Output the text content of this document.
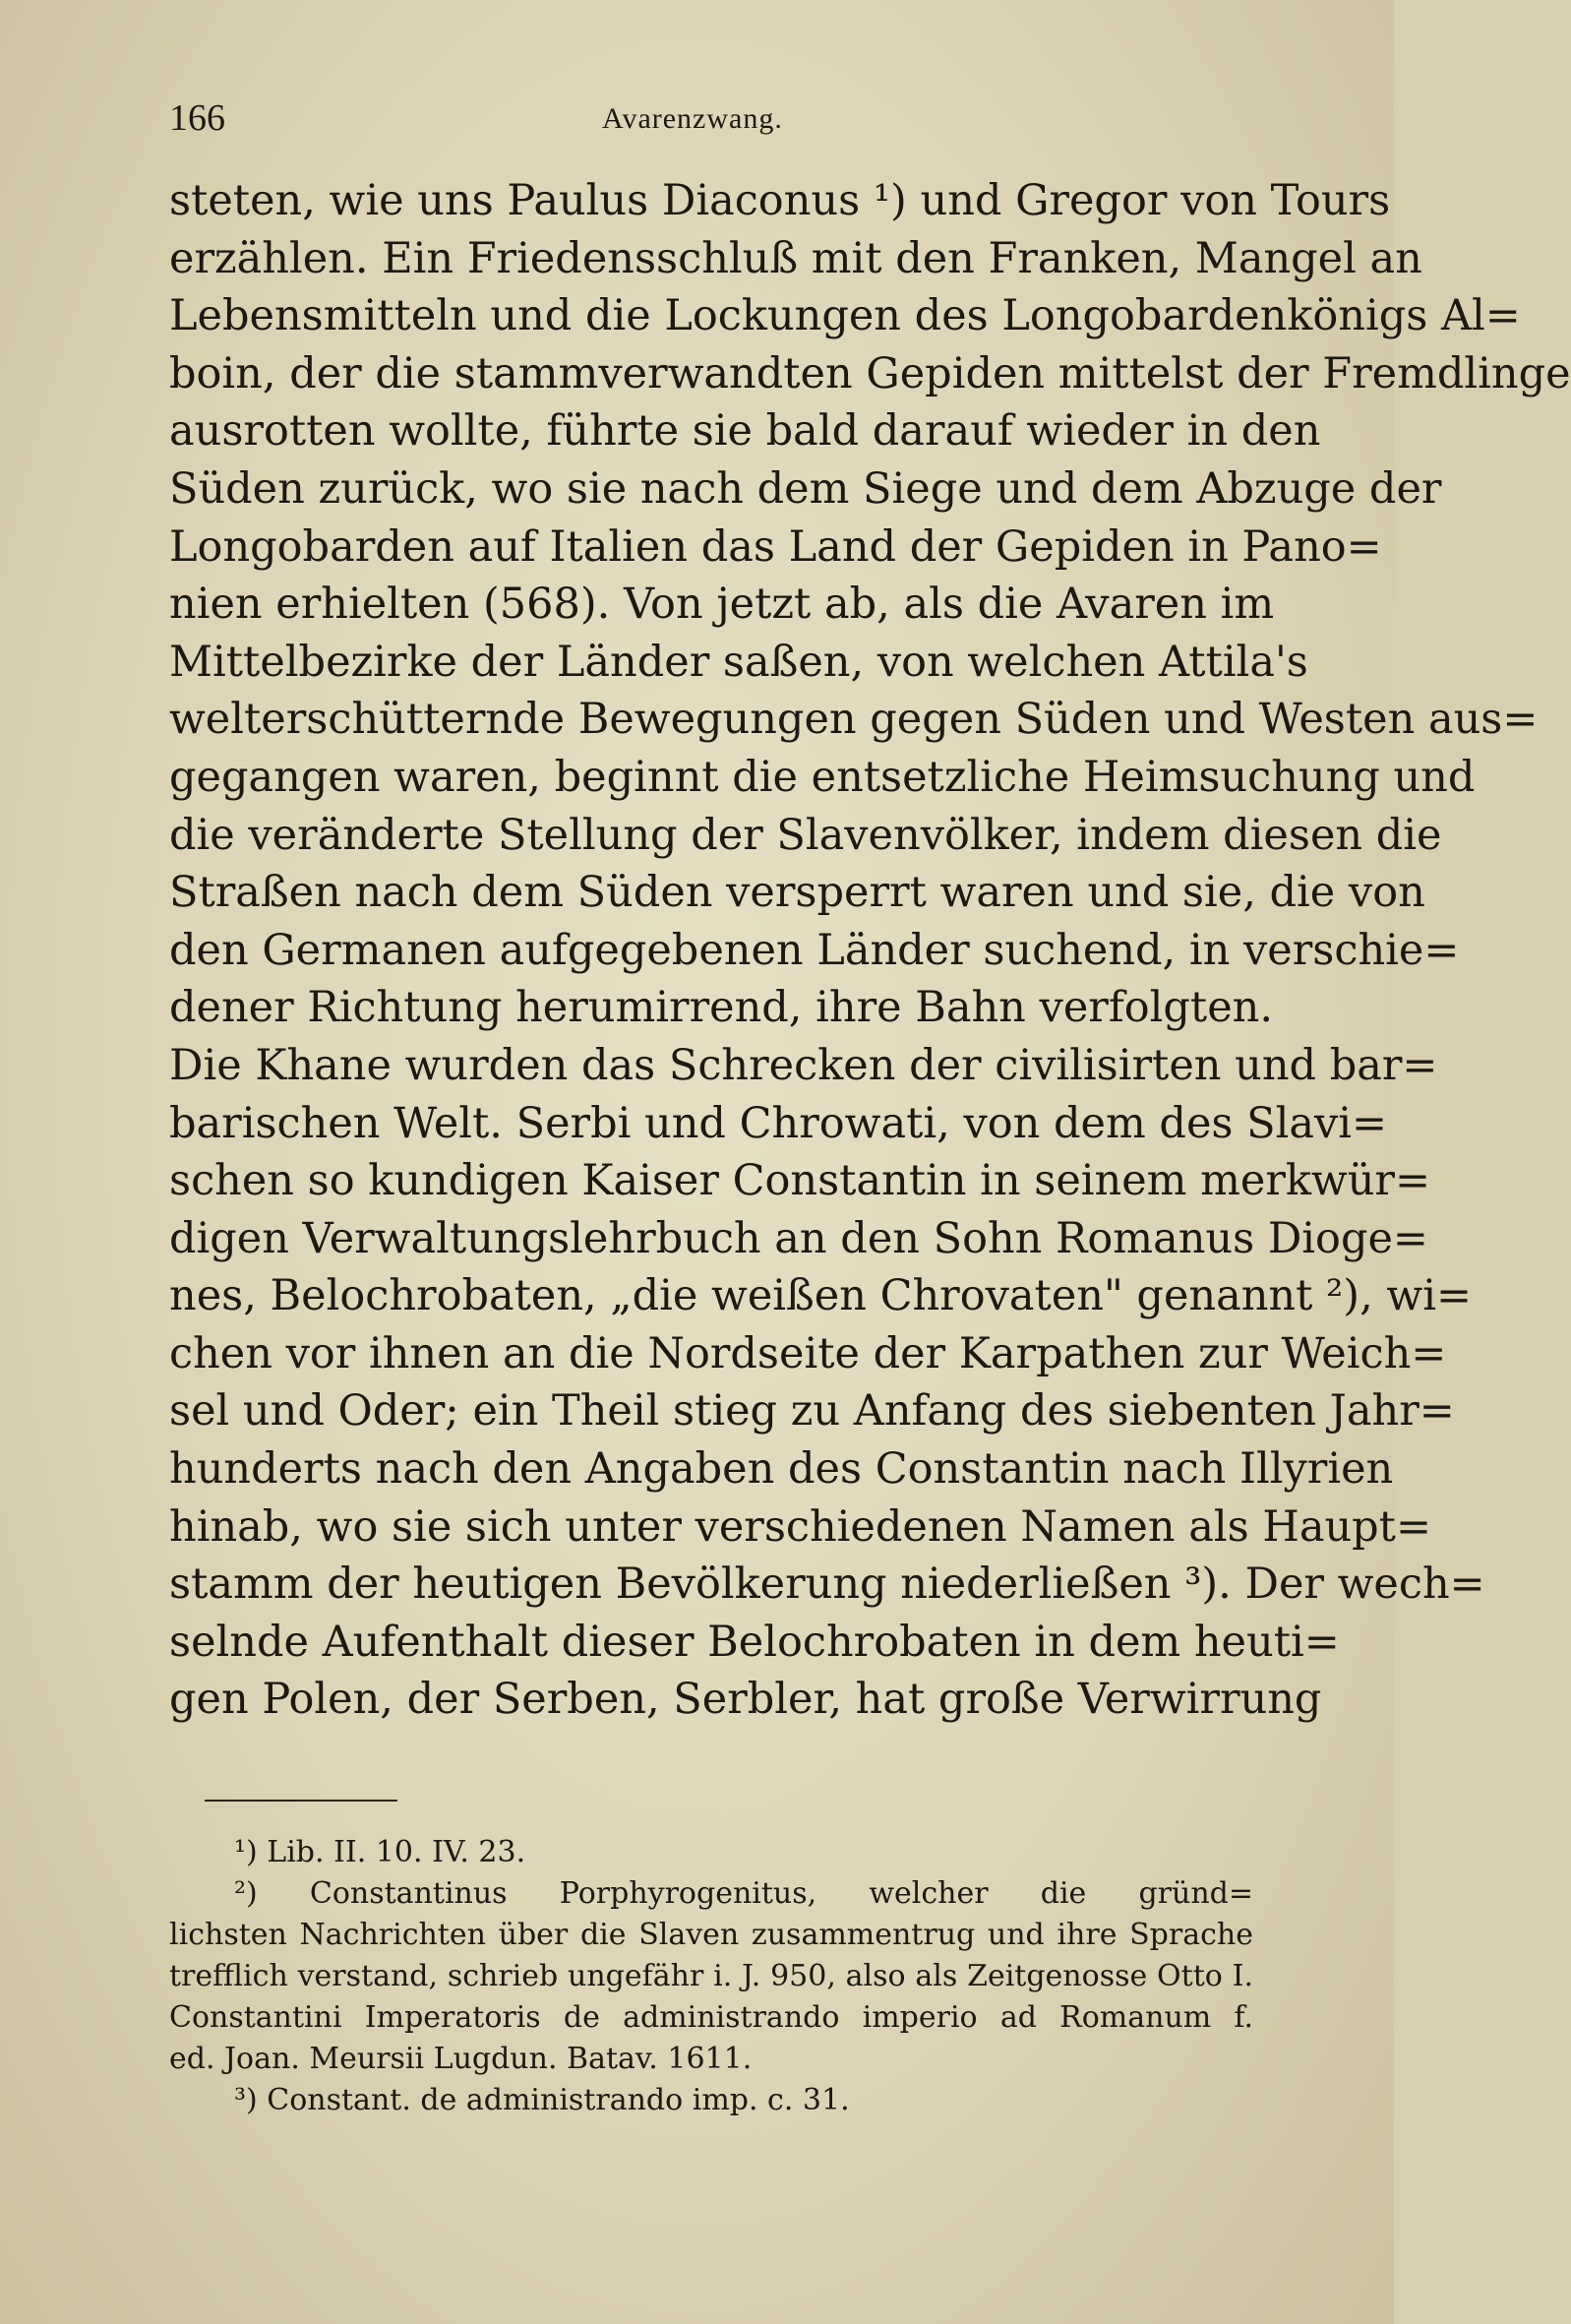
166	Avarenzwang.
steten, wie uns Paulus Diaconus ¹) und Gregor von Tours
erzählen. Ein Friedensschluß mit den Franken, Mangel an
Lebensmitteln und die Lockungen des Longobardenkönigs Al=
boin, der die stammverwandten Gepiden mittelst der Fremdlinge
ausrotten wollte, führte sie bald darauf wieder in den
Süden zurück, wo sie nach dem Siege und dem Abzuge der
Longobarden auf Italien das Land der Gepiden in Pano=
nien erhielten (568). Von jetzt ab, als die Avaren im
Mittelbezirke der Länder saßen, von welchen Attila's
welterschütternde Bewegungen gegen Süden und Westen aus=
gegangen waren, beginnt die entsetzliche Heimsuchung und
die veränderte Stellung der Slavenvölker, indem diesen die
Straßen nach dem Süden versperrt waren und sie, die von
den Germanen aufgegebenen Länder suchend, in verschie=
dener Richtung herumirrend, ihre Bahn verfolgten.
Die Khane wurden das Schrecken der civilisirten und bar=
barischen Welt. Serbi und Chrowati, von dem des Slavi=
schen so kundigen Kaiser Constantin in seinem merkwür=
digen Verwaltungslehrbuch an den Sohn Romanus Dioge=
nes, Belochrobaten, „die weißen Chrovaten" genannt ²), wi=
chen vor ihnen an die Nordseite der Karpathen zur Weich=
sel und Oder; ein Theil stieg zu Anfang des siebenten Jahr=
hunderts nach den Angaben des Constantin nach Illyrien
hinab, wo sie sich unter verschiedenen Namen als Haupt=
stamm der heutigen Bevölkerung niederließen ³). Der wech=
selnde Aufenthalt dieser Belochrobaten in dem heuti=
gen Polen, der Serben, Serbler, hat große Verwirrung
¹) Lib. II. 10. IV. 23.
²) Constantinus Porphyrogenitus, welcher die gründ=
lichsten Nachrichten über die Slaven zusammentrug und ihre Sprache
trefflich verstand, schrieb ungefähr i. J. 950, also als Zeitgenosse Otto I.
Constantini Imperatoris de administrando imperio ad Romanum f.
ed. Joan. Meursii Lugdun. Batav. 1611.
³) Constant. de administrando imp. c. 31.
